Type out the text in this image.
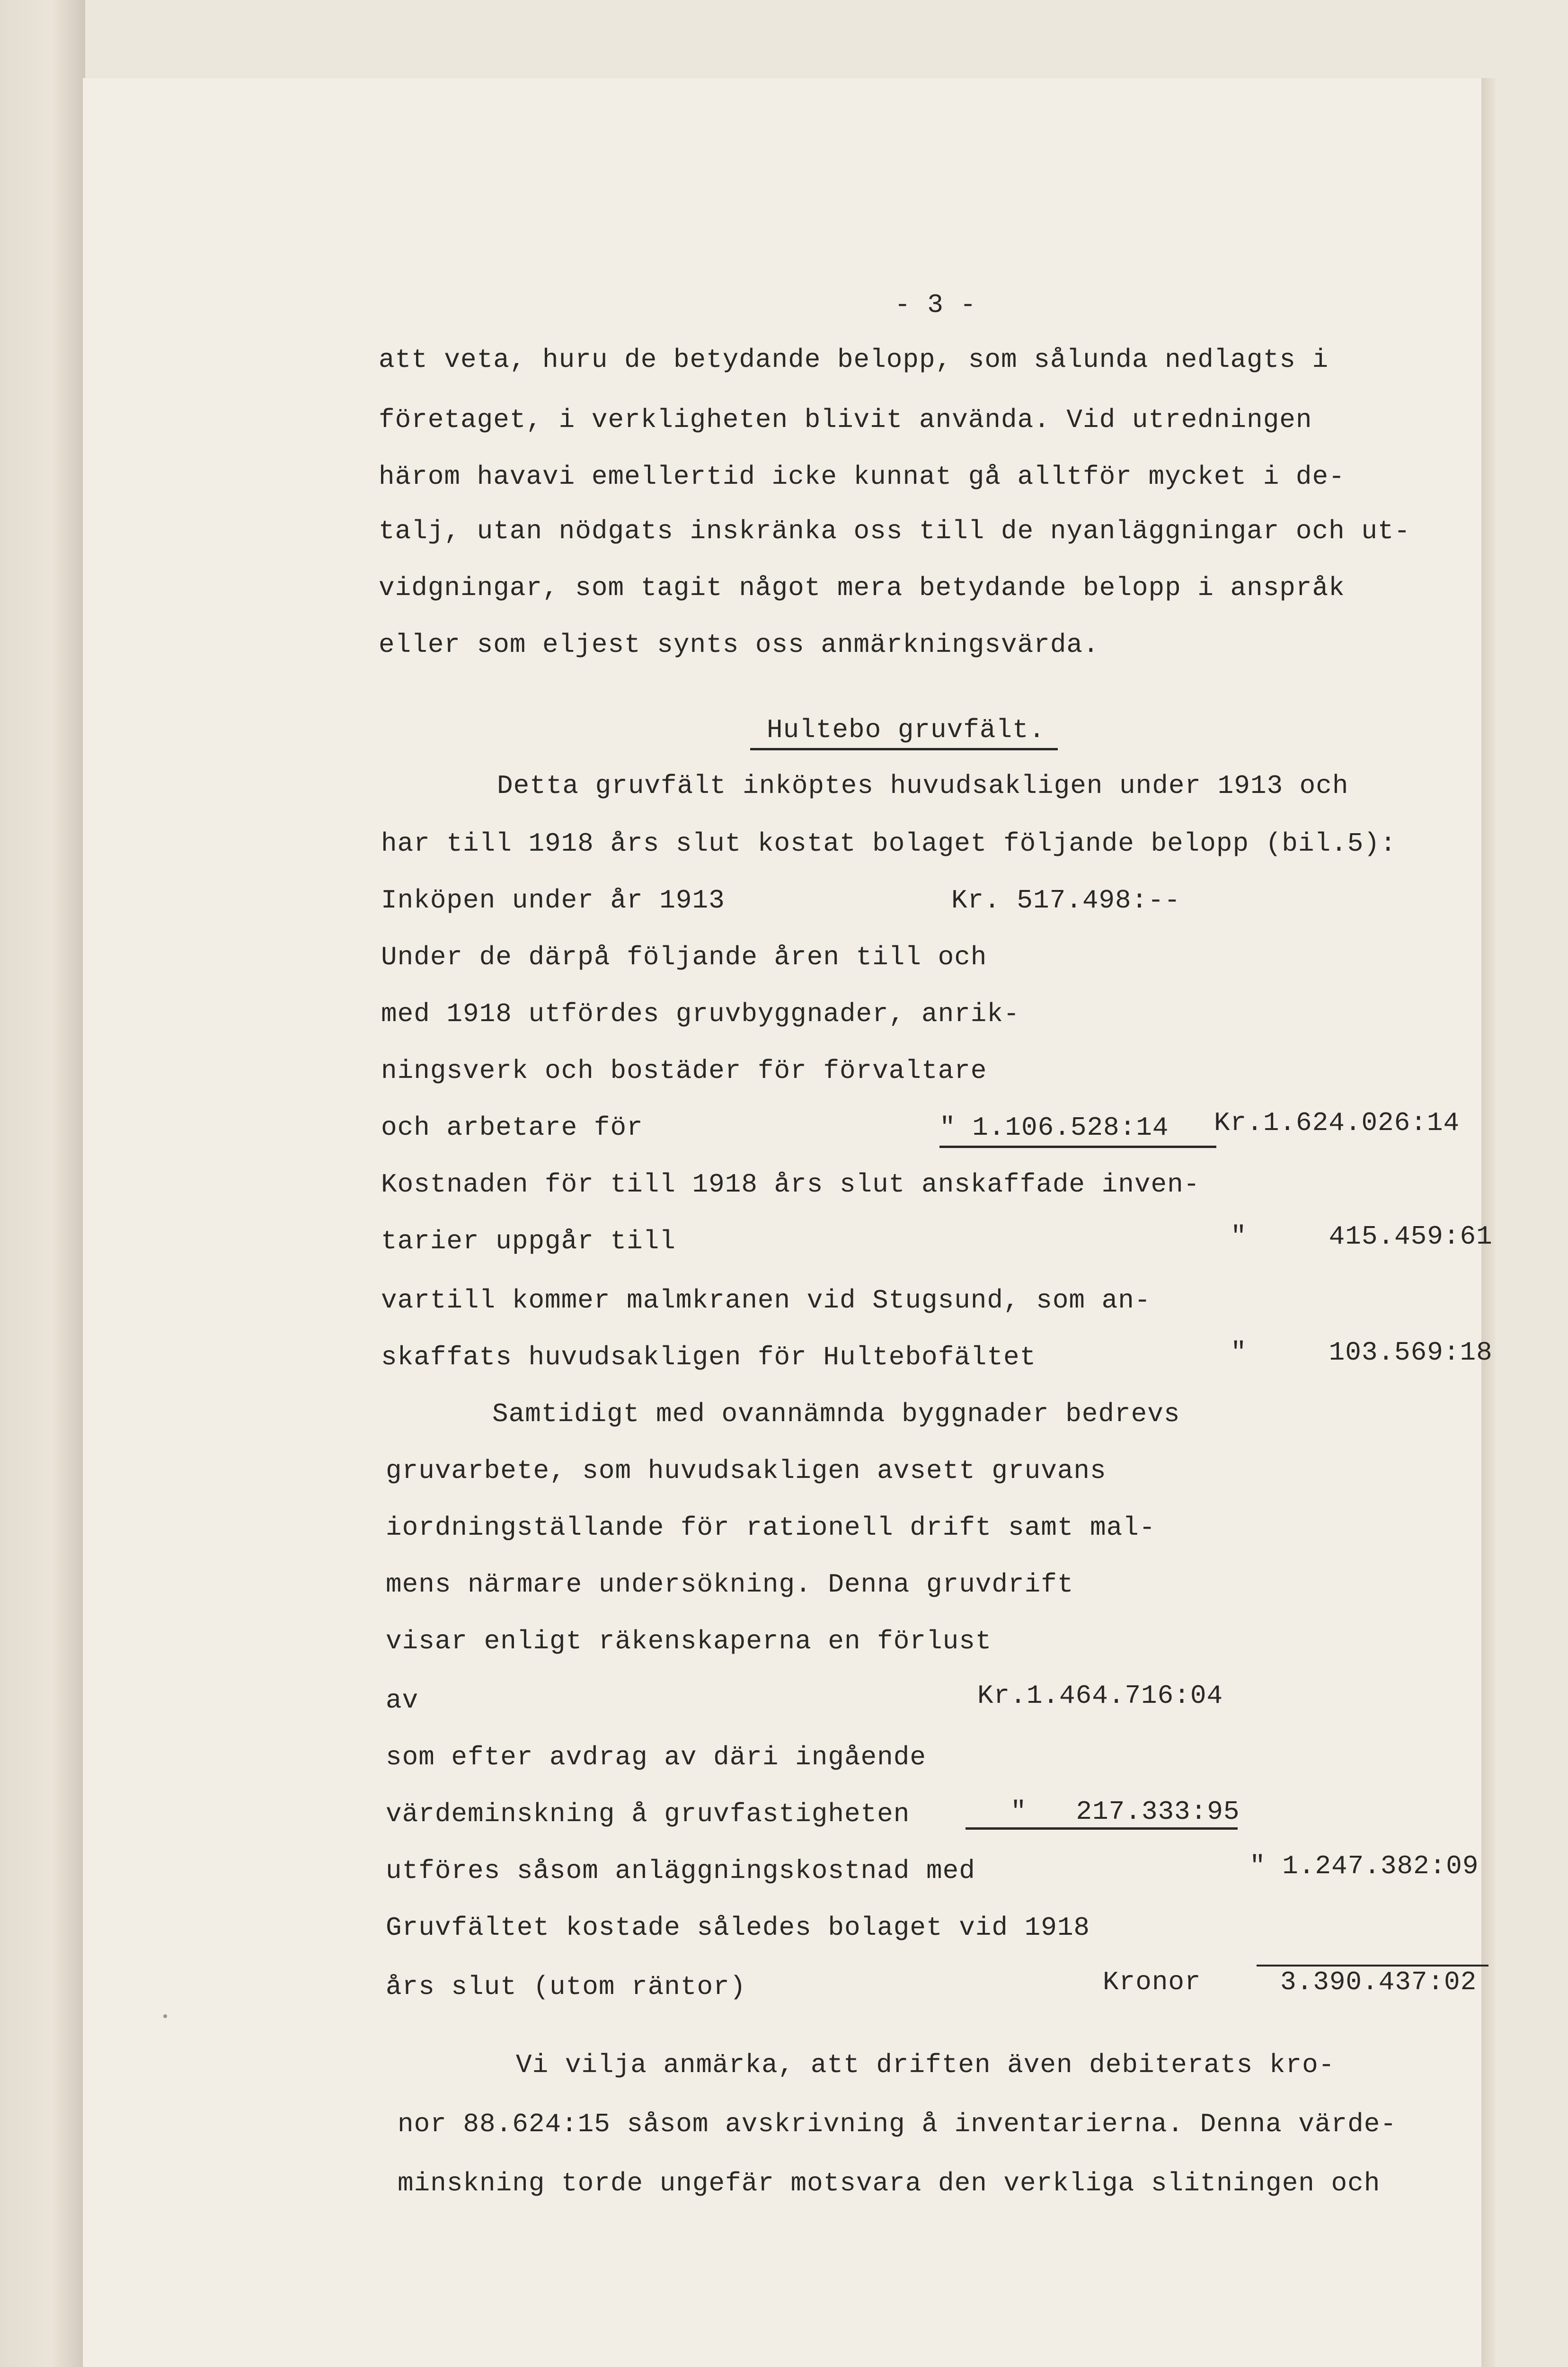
- 3 -
att veta, huru de betydande belopp, som sålunda nedlagts i
företaget, i verkligheten blivit använda. Vid utredningen
härom havavi emellertid icke kunnat gå alltför mycket i de-
talj, utan nödgats inskränka oss till de nyanläggningar och ut-
vidgningar, som tagit något mera betydande belopp i anspråk
eller som eljest synts oss anmärkningsvärda.
Hultebo gruvfält.
Detta gruvfält inköptes huvudsakligen under 1913 och
har till 1918 års slut kostat bolaget följande belopp (bil.5):
Inköpen under år 1913	Kr. 517.498:--
Under de därpå följande åren till och
med 1918 utfördes gruvbyggnader, anrik-
ningsverk och bostäder för förvaltare
och arbetare för	" 1.106.528:14 Kr.1.624.026:14
Kostnaden för till 1918 års slut anskaffade inven-
tarier uppgår till	"     415.459:61
vartill kommer malmkranen vid Stugsund, som an-
skaffats huvudsakligen för Hultebofältet	"     103.569:18
Samtidigt med ovannämnda byggnader bedrevs
gruvarbete, som huvudsakligen avsett gruvans
iordningställande för rationell drift samt mal-
mens närmare undersökning. Denna gruvdrift
visar enligt räkenskaperna en förlust
av	Kr.1.464.716:04
som efter avdrag av däri ingående
värdeminskning å gruvfastigheten	"   217.333:95
utföres såsom anläggningskostnad med	" 1.247.382:09
Gruvfältet kostade således bolaget vid 1918
års slut (utom räntor)	Kronor	3.390.437:02
Vi vilja anmärka, att driften även debiterats kro-
nor 88.624:15 såsom avskrivning å inventarierna. Denna värde-
minskning torde ungefär motsvara den verkliga slitningen och
